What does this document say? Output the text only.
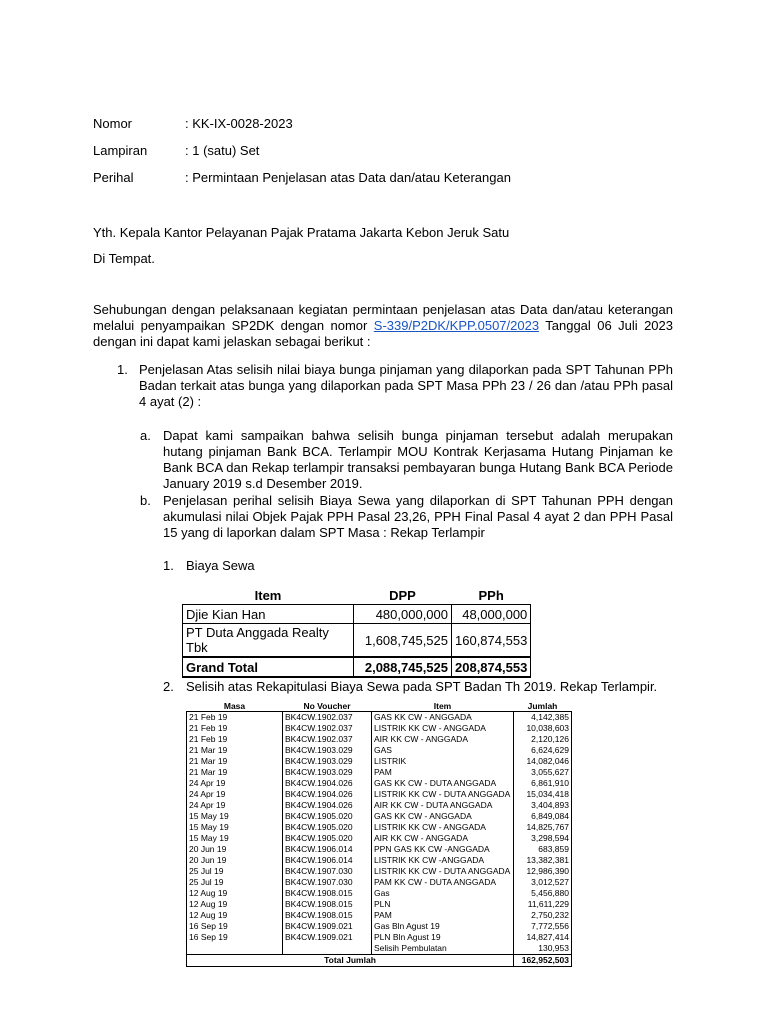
Nomor	: KK-IX-0028-2023
Lampiran	: 1 (satu) Set
Perihal	: Permintaan Penjelasan atas Data dan/atau Keterangan
Yth. Kepala Kantor Pelayanan Pajak Pratama Jakarta Kebon Jeruk Satu
Di Tempat.
Sehubungan dengan pelaksanaan kegiatan permintaan penjelasan atas Data dan/atau keterangan melalui penyampaikan SP2DK dengan nomor S-339/P2DK/KPP.0507/2023 Tanggal 06 Juli 2023 dengan ini dapat kami jelaskan sebagai berikut :
1. Penjelasan Atas selisih nilai biaya bunga pinjaman yang dilaporkan pada SPT Tahunan PPh Badan terkait atas bunga yang dilaporkan pada SPT Masa PPh 23 / 26 dan /atau PPh pasal 4 ayat (2) :
a. Dapat kami sampaikan bahwa selisih bunga pinjaman tersebut adalah merupakan hutang pinjaman Bank BCA. Terlampir MOU Kontrak Kerjasama Hutang Pinjaman ke Bank BCA dan Rekap terlampir transaksi pembayaran bunga Hutang Bank BCA Periode January 2019 s.d Desember 2019.
b. Penjelasan perihal selisih Biaya Sewa yang dilaporkan di SPT Tahunan PPH dengan akumulasi nilai Objek Pajak PPH Pasal 23,26, PPH Final Pasal 4 ayat 2 dan PPH Pasal 15 yang di laporkan dalam SPT Masa : Rekap Terlampir
1. Biaya Sewa
Item	DPP	PPh
Djie Kian Han	480,000,000	48,000,000
PT Duta Anggada Realty Tbk	1,608,745,525	160,874,553
Grand Total	2,088,745,525	208,874,553
2. Selisih atas Rekapitulasi Biaya Sewa pada SPT Badan Th 2019. Rekap Terlampir.
Masa	No Voucher	Item	Jumlah
21 Feb 19	BK4CW.1902.037	GAS KK CW - ANGGADA	4,142,385
21 Feb 19	BK4CW.1902.037	LISTRIK KK CW - ANGGADA	10,038,603
21 Feb 19	BK4CW.1902.037	AIR KK CW - ANGGADA	2,120,126
21 Mar 19	BK4CW.1903.029	GAS	6,624,629
21 Mar 19	BK4CW.1903.029	LISTRIK	14,082,046
21 Mar 19	BK4CW.1903.029	PAM	3,055,627
24 Apr 19	BK4CW.1904.026	GAS KK CW - DUTA ANGGADA	6,861,910
24 Apr 19	BK4CW.1904.026	LISTRIK KK CW - DUTA ANGGADA	15,034,418
24 Apr 19	BK4CW.1904.026	AIR KK CW - DUTA ANGGADA	3,404,893
15 May 19	BK4CW.1905.020	GAS KK CW - ANGGADA	6,849,084
15 May 19	BK4CW.1905.020	LISTRIK KK CW - ANGGADA	14,825,767
15 May 19	BK4CW.1905.020	AIR KK CW - ANGGADA	3,298,594
20 Jun 19	BK4CW.1906.014	PPN GAS KK CW -ANGGADA	683,859
20 Jun 19	BK4CW.1906.014	LISTRIK KK CW -ANGGADA	13,382,381
25 Jul 19	BK4CW.1907.030	LISTRIK KK CW - DUTA ANGGADA	12,986,390
25 Jul 19	BK4CW.1907.030	PAM KK CW - DUTA ANGGADA	3,012,527
12 Aug 19	BK4CW.1908.015	Gas	5,456,880
12 Aug 19	BK4CW.1908.015	PLN	11,611,229
12 Aug 19	BK4CW.1908.015	PAM	2,750,232
16 Sep 19	BK4CW.1909.021	Gas Bln Agust 19	7,772,556
16 Sep 19	BK4CW.1909.021	PLN Bln Agust 19	14,827,414
		Selisih Pembulatan	130,953
Total Jumlah			162,952,503
